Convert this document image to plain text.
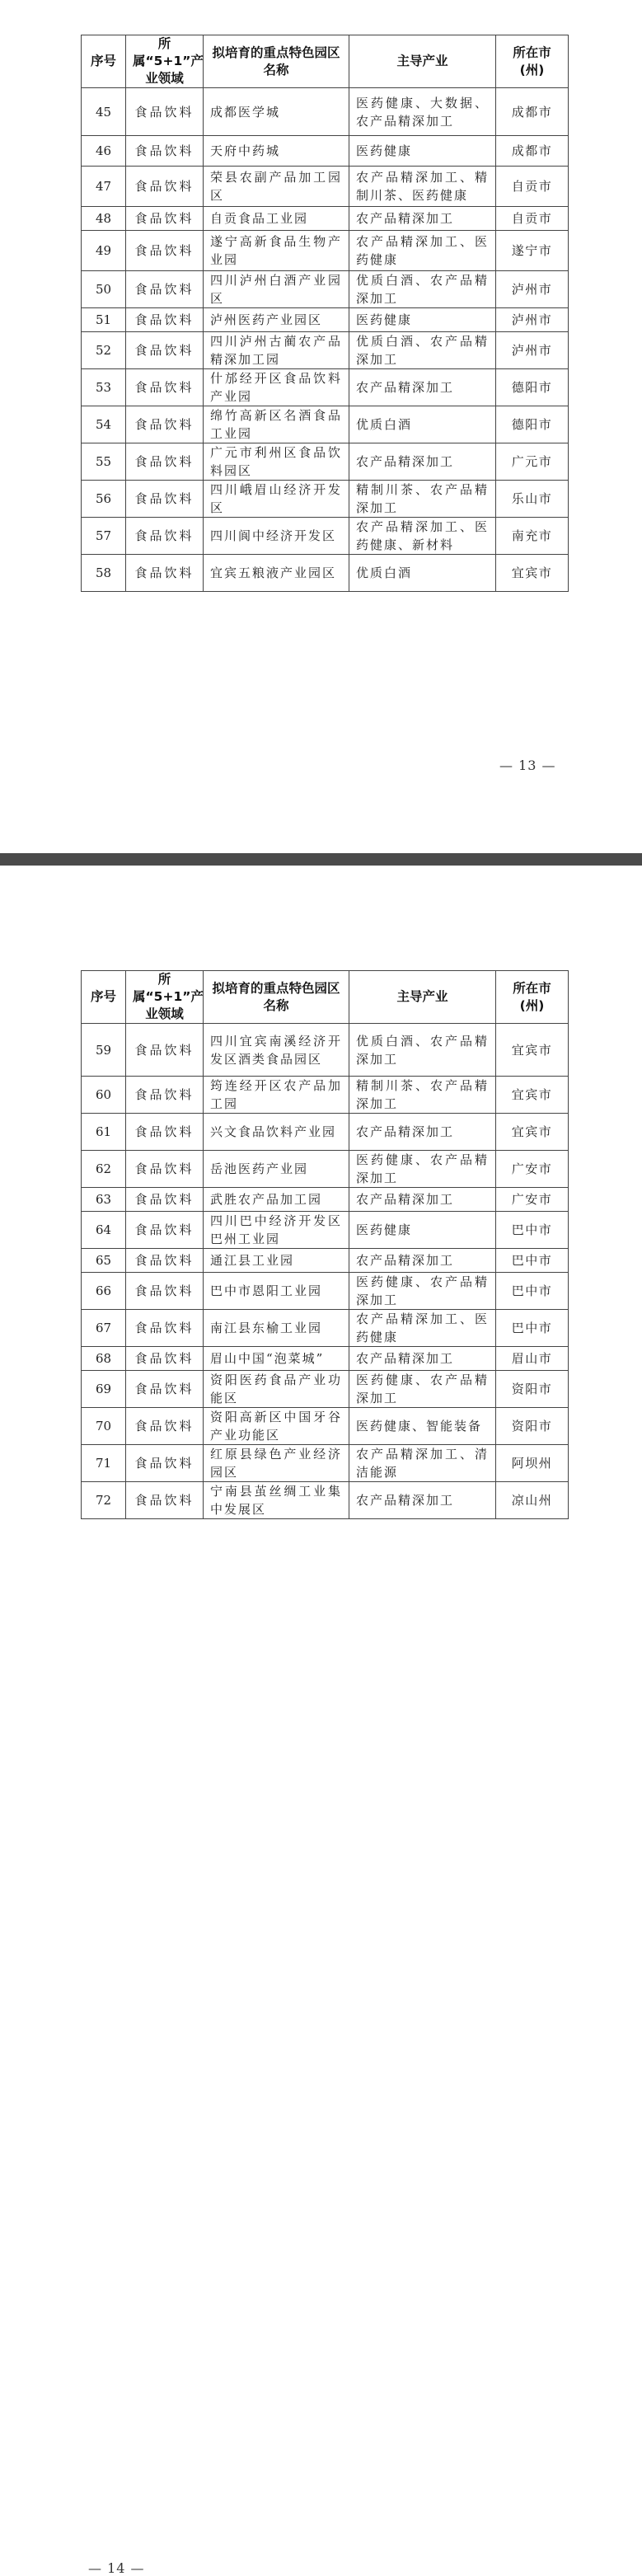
序号	所属“5+1”产业领域	拟培育的重点特色园区名称	主导产业	所在市(州)
45	食品饮料	成都医学城	医药健康、大数据、农产品精深加工	成都市
46	食品饮料	天府中药城	医药健康	成都市
47	食品饮料	荣县农副产品加工园区	农产品精深加工、精制川茶、医药健康	自贡市
48	食品饮料	自贡食品工业园	农产品精深加工	自贡市
49	食品饮料	遂宁高新食品生物产业园	农产品精深加工、医药健康	遂宁市
50	食品饮料	四川泸州白酒产业园区	优质白酒、农产品精深加工	泸州市
51	食品饮料	泸州医药产业园区	医药健康	泸州市
52	食品饮料	四川泸州古蔺农产品精深加工园	优质白酒、农产品精深加工	泸州市
53	食品饮料	什邡经开区食品饮料产业园	农产品精深加工	德阳市
54	食品饮料	绵竹高新区名酒食品工业园	优质白酒	德阳市
55	食品饮料	广元市利州区食品饮料园区	农产品精深加工	广元市
56	食品饮料	四川峨眉山经济开发区	精制川茶、农产品精深加工	乐山市
57	食品饮料	四川阆中经济开发区	农产品精深加工、医药健康、新材料	南充市
58	食品饮料	宜宾五粮液产业园区	优质白酒	宜宾市
— 13 —
序号	所属“5+1”产业领域	拟培育的重点特色园区名称	主导产业	所在市(州)
59	食品饮料	四川宜宾南溪经济开发区酒类食品园区	优质白酒、农产品精深加工	宜宾市
60	食品饮料	筠连经开区农产品加工园	精制川茶、农产品精深加工	宜宾市
61	食品饮料	兴文食品饮料产业园	农产品精深加工	宜宾市
62	食品饮料	岳池医药产业园	医药健康、农产品精深加工	广安市
63	食品饮料	武胜农产品加工园	农产品精深加工	广安市
64	食品饮料	四川巴中经济开发区巴州工业园	医药健康	巴中市
65	食品饮料	通江县工业园	农产品精深加工	巴中市
66	食品饮料	巴中市恩阳工业园	医药健康、农产品精深加工	巴中市
67	食品饮料	南江县东榆工业园	农产品精深加工、医药健康	巴中市
68	食品饮料	眉山中国“泡菜城”	农产品精深加工	眉山市
69	食品饮料	资阳医药食品产业功能区	医药健康、农产品精深加工	资阳市
70	食品饮料	资阳高新区中国牙谷产业功能区	医药健康、智能装备	资阳市
71	食品饮料	红原县绿色产业经济园区	农产品精深加工、清洁能源	阿坝州
72	食品饮料	宁南县茧丝绸工业集中发展区	农产品精深加工	凉山州
— 14 —
